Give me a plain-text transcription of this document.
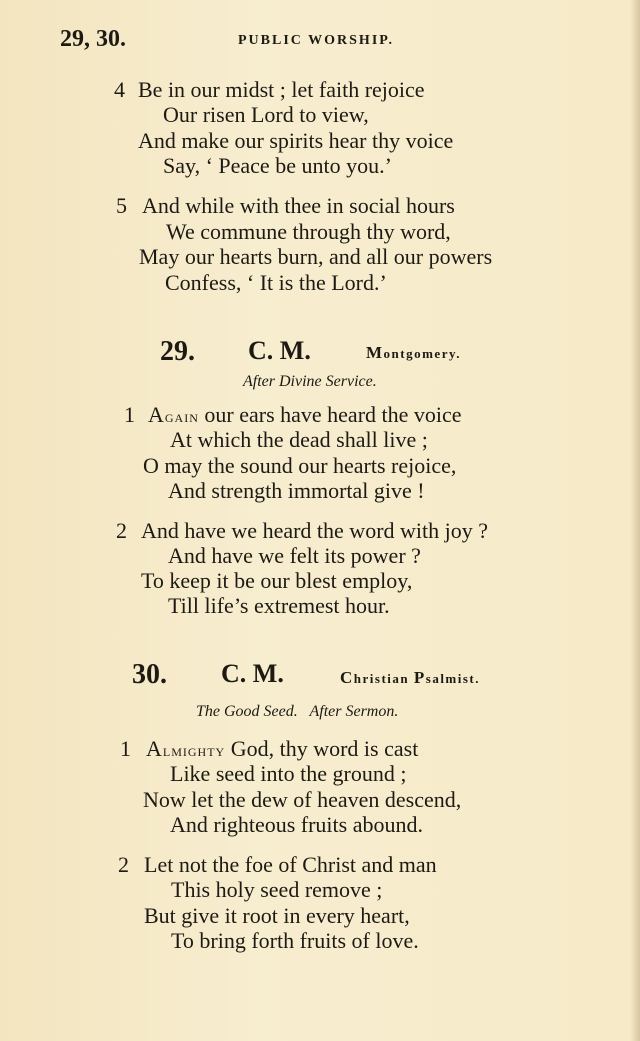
29, 30.	PUBLIC WORSHIP.
4 Be in our midst ; let faith rejoice
Our risen Lord to view,
And make our spirits hear thy voice
Say, ‘ Peace be unto you.’
5 And while with thee in social hours
We commune through thy word,
May our hearts burn, and all our powers
Confess, ‘ It is the Lord.’
29. C. M.	Montgomery.
After Divine Service.
1 Again our ears have heard the voice
At which the dead shall live ;
O may the sound our hearts rejoice,
And strength immortal give !
2 And have we heard the word with joy ?
And have we felt its power ?
To keep it be our blest employ,
Till life’s extremest hour.
30. C. M.	Christian Psalmist.
The Good Seed.   After Sermon.
1 Almighty God, thy word is cast
Like seed into the ground ;
Now let the dew of heaven descend,
And righteous fruits abound.
2 Let not the foe of Christ and man
This holy seed remove ;
But give it root in every heart,
To bring forth fruits of love.
